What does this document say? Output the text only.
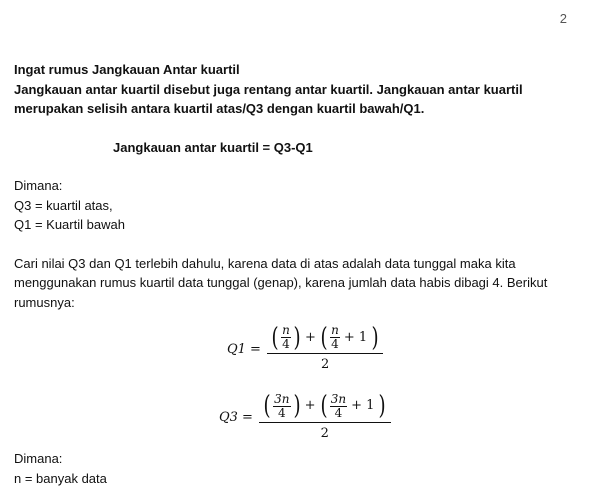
2

Ingat rumus Jangkauan Antar kuartil

Jangkauan antar kuartil disebut juga rentang antar kuartil. Jangkauan antar kuartil

merupakan selisih antara kuartil atas/Q3 dengan kuartil bawah/Q1.

Jangkauan antar kuartil = Q3-Q1

Dimana:

Q3 = kuartil atas,

Q1 = Kuartil bawah

Cari nilai Q3 dan Q1 terlebih dahulu, karena data di atas adalah data tunggal maka kita

menggunakan rumus kuartil data tunggal (genap), karena jumlah data habis dibagi 4. Berikut

rumusnya:

Q1 = ( $\frac{n}{4}$ ) + ( $\frac{n}{4} + 1$ )
2
Q3 = ( $\frac{3n}{4}$ ) + ( $\frac{3n}{4} + 1$ )
2

Dimana:

n = banyak data
